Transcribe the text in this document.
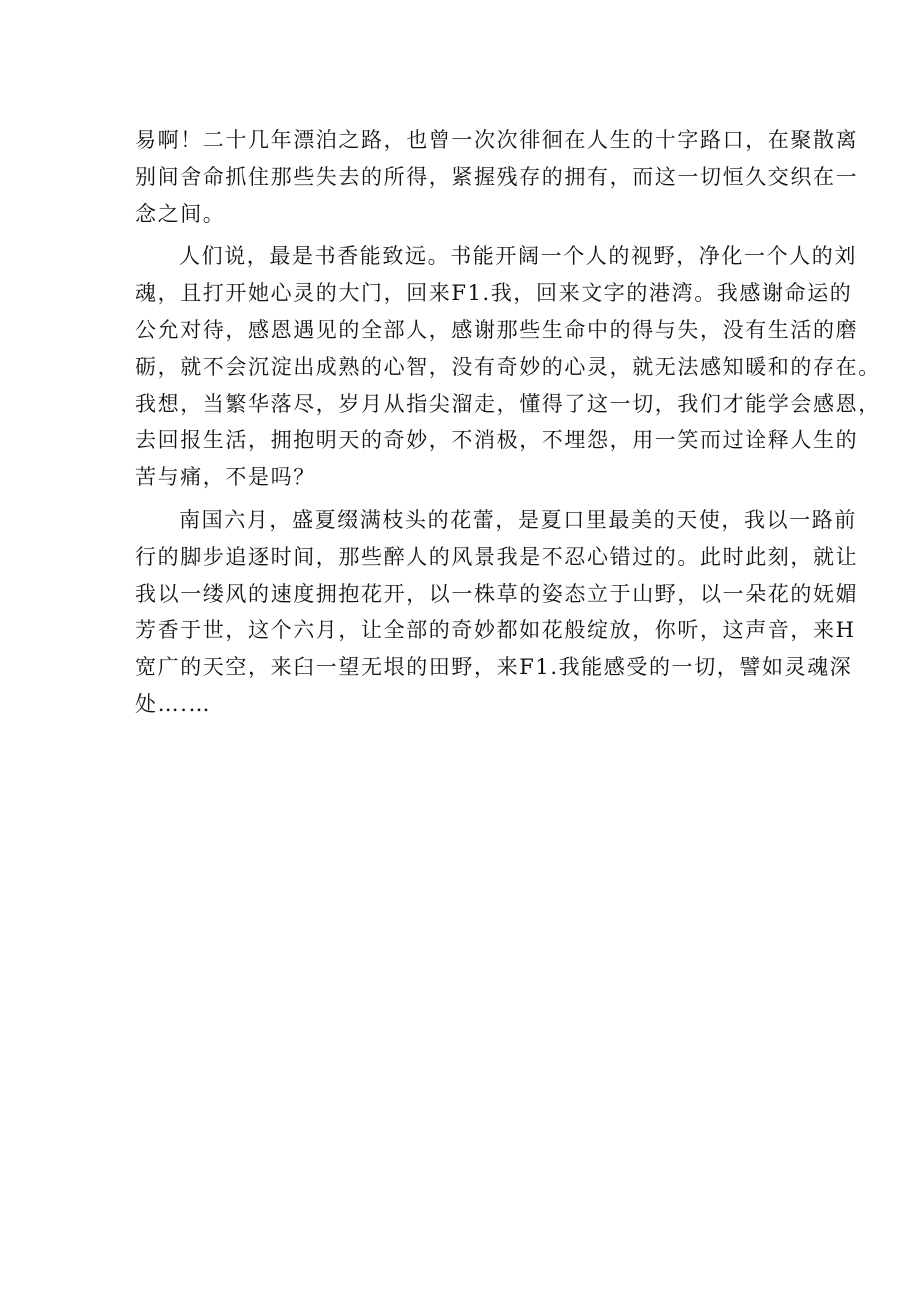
易啊！二十几年漂泊之路，也曾一次次徘徊在人生的十字路口，在聚散离
别间舍命抓住那些失去的所得，紧握残存的拥有，而这一切恒久交织在一
念之间。
人们说，最是书香能致远。书能开阔一个人的视野，净化一个人的刘
魂，且打开她心灵的大门，回来F1.我，回来文字的港湾。我感谢命运的
公允对待，感恩遇见的全部人，感谢那些生命中的得与失，没有生活的磨
砺，就不会沉淀出成熟的心智，没有奇妙的心灵，就无法感知暖和的存在。
我想，当繁华落尽，岁月从指尖溜走，懂得了这一切，我们才能学会感恩，
去回报生活，拥抱明天的奇妙，不消极，不埋怨，用一笑而过诠释人生的
苦与痛，不是吗？
南国六月，盛夏缀满枝头的花蕾，是夏口里最美的天使，我以一路前
行的脚步追逐时间，那些醉人的风景我是不忍心错过的。此时此刻，就让
我以一缕风的速度拥抱花开，以一株草的姿态立于山野，以一朵花的妩媚
芳香于世，这个六月，让全部的奇妙都如花般绽放，你听，这声音，来H
宽广的天空，来臼一望无垠的田野，来F1.我能感受的一切，譬如灵魂深
处….…
